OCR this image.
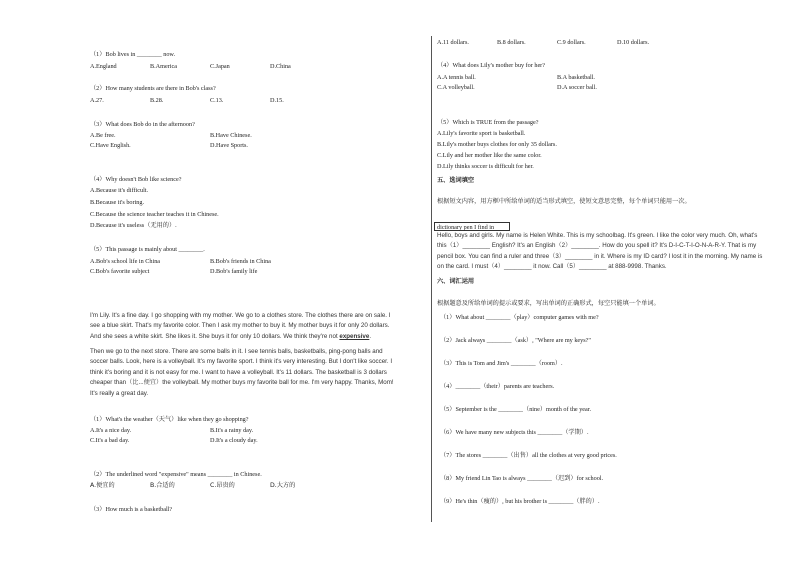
（1）Bob lives in ________ now.
A.England	B.America	C.Japan	D.China
（2）How many students are there in Bob's class?
A.27.	B.28.	C.13.	D.15.
（3）What does Bob do in the afternoon?
A.Be free.	B.Have Chinese.
C.Have English.	D.Have Sports.
（4）Why doesn't Bob like science?
A.Because it's difficult.
B.Because it's boring.
C.Because the science teacher teaches it in Chinese.
D.Because it's useless（无用的）.
（5）This passage is mainly about ________.
A.Bob's school life in China	B.Bob's friends in China
C.Bob's favorite subject	D.Bob's family life
I'm Lily. It's a fine day. I go shopping with my mother. We go to a clothes store. The clothes there are on sale. I see a blue skirt. That's my favorite color. Then I ask my mother to buy it. My mother buys it for only 20 dollars. And she sees a white skirt. She likes it. She buys it for only 10 dollars. We think they're not expensive.
Then we go to the next store. There are some balls in it. I see tennis balls, basketballs, ping-pong balls and soccer balls. Look, here is a volleyball. It's my favorite sport. I think it's very interesting. But I don't like soccer. I think it's boring and it is not easy for me. I want to have a volleyball. It's 11 dollars. The basketball is 3 dollars cheaper than（比...便宜）the volleyball. My mother buys my favorite ball for me. I'm very happy. Thanks, Mom! It's really a great day.
（1）What's the weather（天气）like when they go shopping?
A.It's a nice day.	B.It's a rainy day.
C.It's a bad day.	D.It's a cloudy day.
（2）The underlined word "expensive" means ________ in Chinese.
A.便宜的	B.合适的	C.昂贵的	D.大方的
（3）How much is a basketball?
A.11 dollars.	B.8 dollars.	C.9 dollars.	D.10 dollars.
（4）What does Lily's mother buy for her?
A.A tennis ball.	B.A basketball.
C.A volleyball.	D.A soccer ball.
（5）Which is TRUE from the passage?
A.Lily's favorite sport is basketball.
B.Lily's mother buys clothes for only 35 dollars.
C.Lily and her mother like the same color.
D.Lily thinks soccer is difficult for her.
五、选词填空
根据短文内容，用方框中所给单词的适当形式填空，使短文意思完整，每个单词只能用一次。
dictionary pen I find in
Hello, boys and girls. My name is Helen White. This is my schoolbag. It's green. I like the color very much. Oh, what's this（1）________ English? It's an English（2）________. How do you spell it? It's D-I-C-T-I-O-N-A-R-Y. That is my pencil box. You can find a ruler and three（3）________ in it. Where is my ID card? I lost it in the morning. My name is on the card. I must（4）________ it now. Call（5）________ at 888-9998. Thanks.
六、词汇运用
根据题意及所给单词的提示或要求，写出单词的正确形式，每空只能填一个单词。
（1）What about ________（play）computer games with me?
（2）Jack always ________（ask）, "Where are my keys?"
（3）This is Tom and Jim's ________（room）.
（4）________（their）parents are teachers.
（5）September is the ________（nine）month of the year.
（6）We have many new subjects this ________（学期）.
（7）The stores ________（出售）all the clothes at very good prices.
（8）My friend Lin Tao is always ________（迟到）for school.
（9）He's thin（瘦的）, but his brother is ________（胖的）.
